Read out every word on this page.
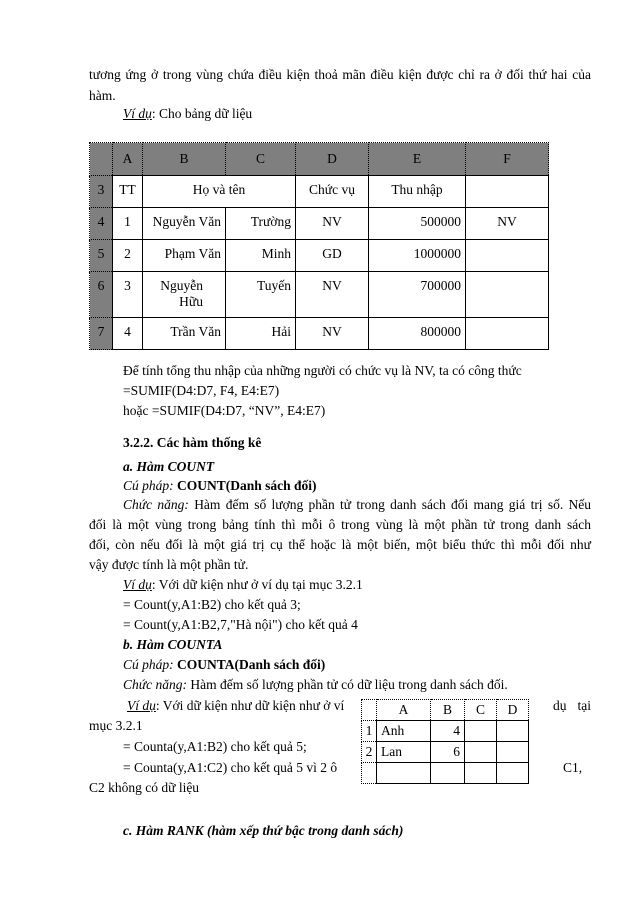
tương ứng ở trong vùng chứa điều kiện thoả mãn điều kiện được chỉ ra ở đối thứ hai của
hàm.
Ví dụ: Cho bảng dữ liệu
	A	B	C	D	E	F
3	TT	Họ và tên		Chức vụ	Thu nhập	
4	1	Nguyễn Văn	Trường	NV	500000	NV
5	2	Phạm Văn	Minh	GD	1000000	
6	3	Nguyễn Hữu	Tuyến	NV	700000	
7	4	Trần Văn	Hải	NV	800000	
Để tính tổng thu nhập của những người có chức vụ là NV, ta có công thức
=SUMIF(D4:D7, F4, E4:E7)
hoặc =SUMIF(D4:D7, “NV”, E4:E7)
3.2.2. Các hàm thống kê
a. Hàm COUNT
Cú pháp: COUNT(Danh sách đối)
Chức năng: Hàm đếm số lượng phần tử trong danh sách đối mang giá trị số. Nếu
đối là một vùng trong bảng tính thì mỗi ô trong vùng là một phần tử trong danh sách
đối, còn nếu đối là một giá trị cụ thể hoặc là một biến, một biểu thức thì mỗi đối như
vậy được tính là một phần tử.
Ví dụ: Với dữ kiện như ở ví dụ tại mục 3.2.1
= Count(y,A1:B2) cho kết quả 3;
= Count(y,A1:B2,7,"Hà nội") cho kết quả 4
b. Hàm COUNTA
Cú pháp: COUNTA(Danh sách đối)
Chức năng: Hàm đếm số lượng phần tử có dữ liệu trong danh sách đối.
Ví dụ: Với dữ kiện như dữ kiện như ở ví	dụ tại
mục 3.2.1
= Counta(y,A1:B2) cho kết quả 5;
= Counta(y,A1:C2) cho kết quả 5 vì 2 ô	C1,
C2 không có dữ liệu
	A	B	C	D
1	Anh	4		
2	Lan	6		

c. Hàm RANK (hàm xếp thứ bậc trong danh sách)
